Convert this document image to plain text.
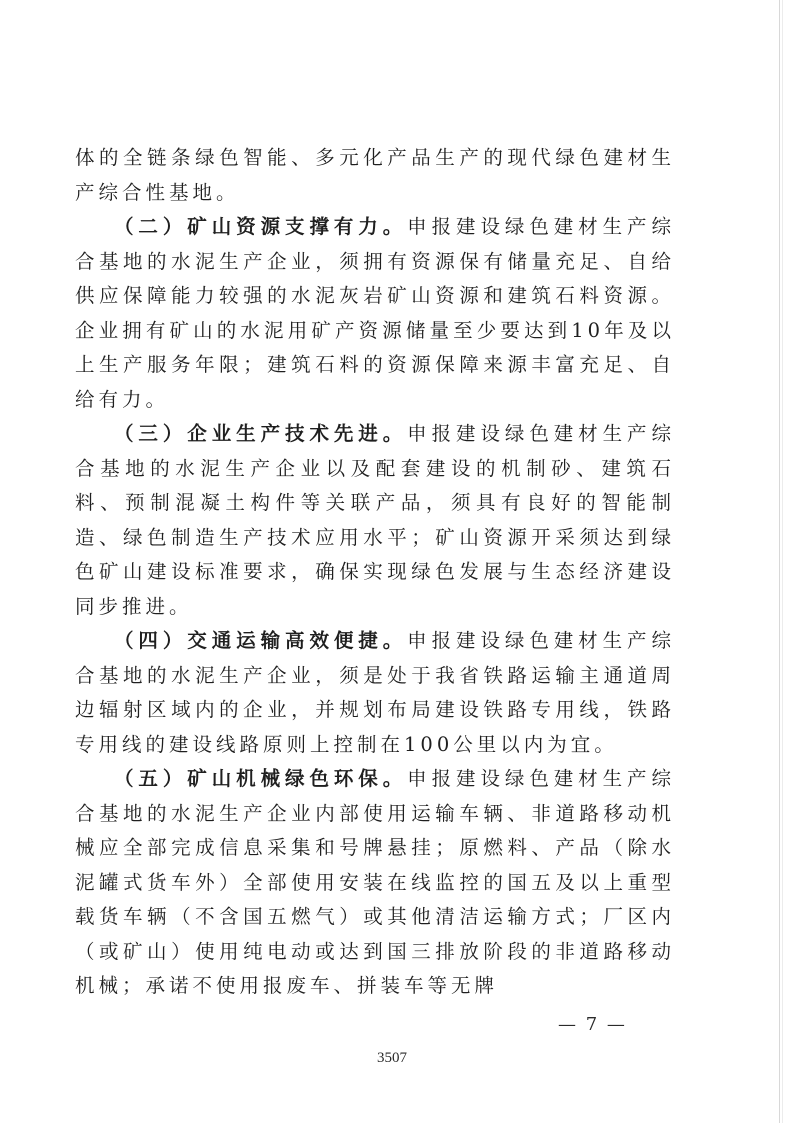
体的全链条绿色智能、多元化产品生产的现代绿色建材生产综合性基地。

（二）矿山资源支撑有力。申报建设绿色建材生产综合基地的水泥生产企业，须拥有资源保有储量充足、自给供应保障能力较强的水泥灰岩矿山资源和建筑石料资源。企业拥有矿山的水泥用矿产资源储量至少要达到10年及以上生产服务年限；建筑石料的资源保障来源丰富充足、自给有力。

（三）企业生产技术先进。申报建设绿色建材生产综合基地的水泥生产企业以及配套建设的机制砂、建筑石料、预制混凝土构件等关联产品，须具有良好的智能制造、绿色制造生产技术应用水平；矿山资源开采须达到绿色矿山建设标准要求，确保实现绿色发展与生态经济建设同步推进。

（四）交通运输高效便捷。申报建设绿色建材生产综合基地的水泥生产企业，须是处于我省铁路运输主通道周边辐射区域内的企业，并规划布局建设铁路专用线，铁路专用线的建设线路原则上控制在100公里以内为宜。

（五）矿山机械绿色环保。申报建设绿色建材生产综合基地的水泥生产企业内部使用运输车辆、非道路移动机械应全部完成信息采集和号牌悬挂；原燃料、产品（除水泥罐式货车外）全部使用安装在线监控的国五及以上重型载货车辆（不含国五燃气）或其他清洁运输方式；厂区内（或矿山）使用纯电动或达到国三排放阶段的非道路移动机械；承诺不使用报废车、拼装车等无牌

— 7 —
3507
